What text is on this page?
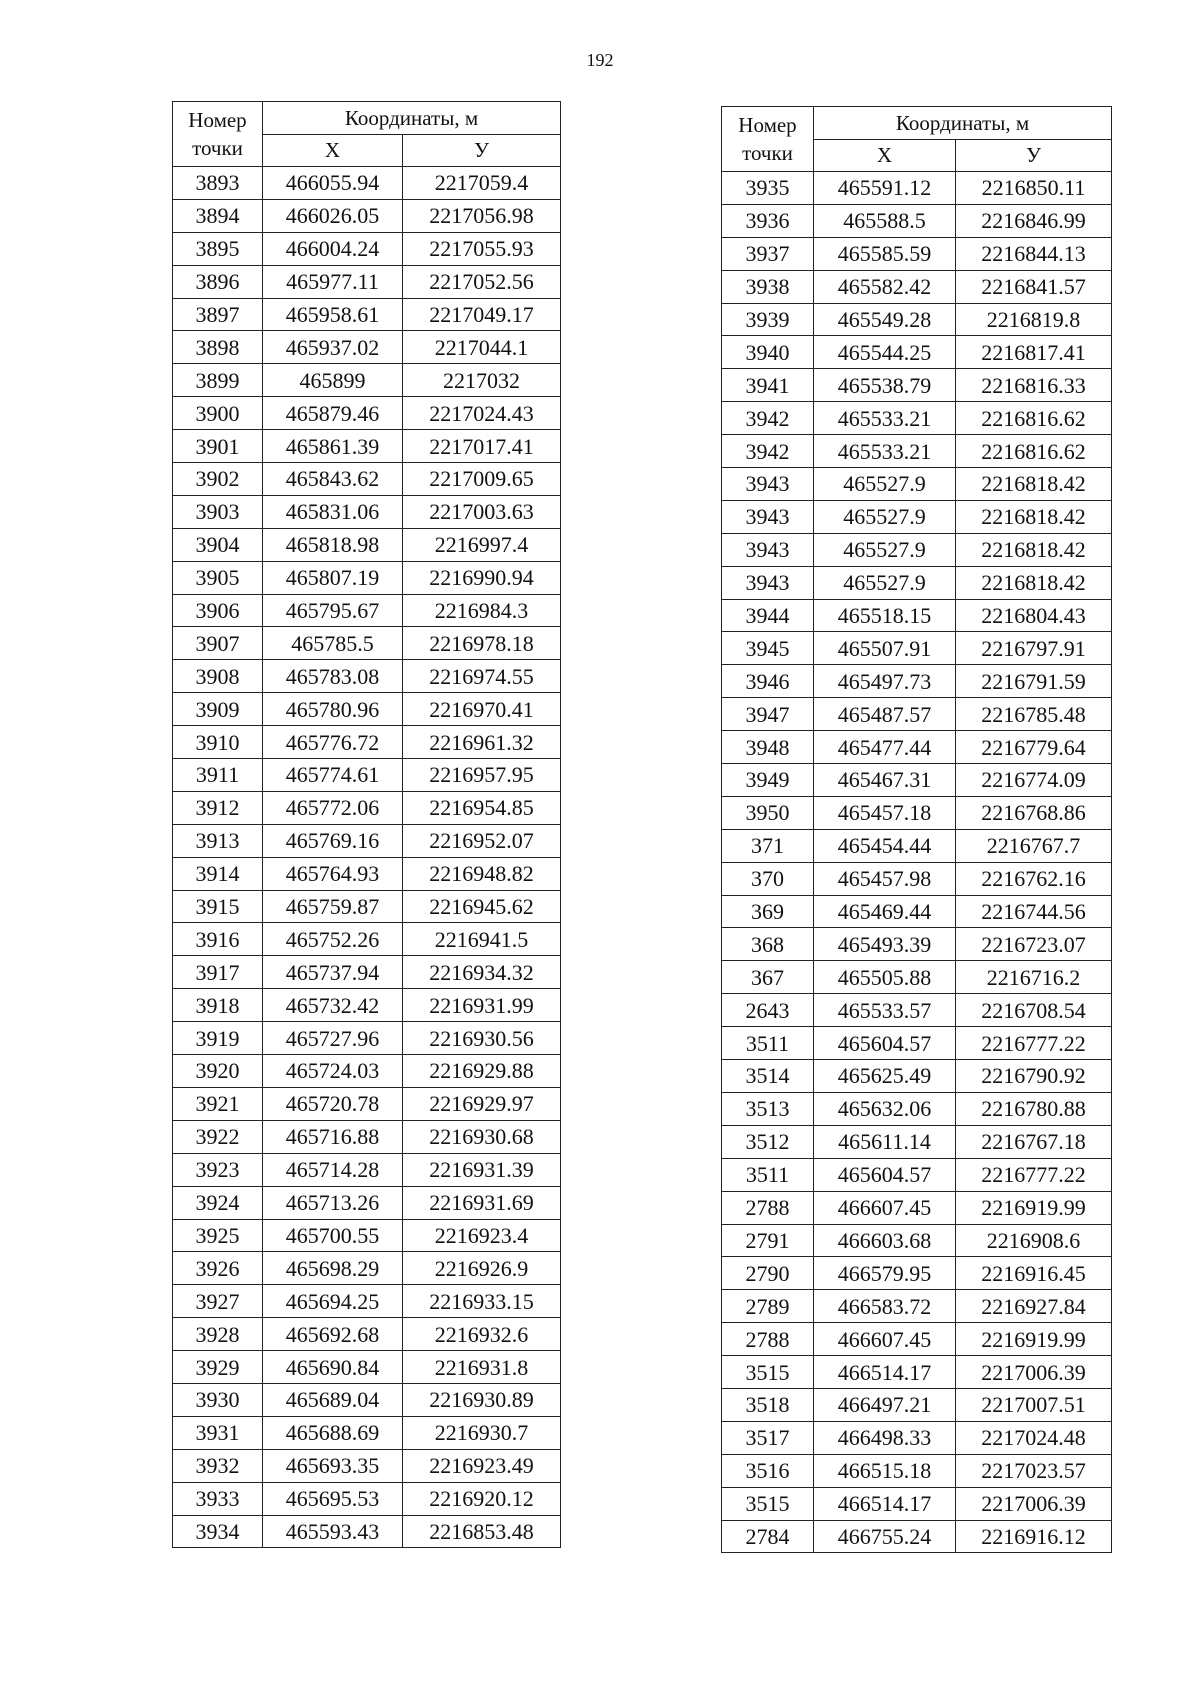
192
Номер
точки	Координаты, м	
	X	У
3893	466055.94	2217059.4
3894	466026.05	2217056.98
3895	466004.24	2217055.93
3896	465977.11	2217052.56
3897	465958.61	2217049.17
3898	465937.02	2217044.1
3899	465899	2217032
3900	465879.46	2217024.43
3901	465861.39	2217017.41
3902	465843.62	2217009.65
3903	465831.06	2217003.63
3904	465818.98	2216997.4
3905	465807.19	2216990.94
3906	465795.67	2216984.3
3907	465785.5	2216978.18
3908	465783.08	2216974.55
3909	465780.96	2216970.41
3910	465776.72	2216961.32
3911	465774.61	2216957.95
3912	465772.06	2216954.85
3913	465769.16	2216952.07
3914	465764.93	2216948.82
3915	465759.87	2216945.62
3916	465752.26	2216941.5
3917	465737.94	2216934.32
3918	465732.42	2216931.99
3919	465727.96	2216930.56
3920	465724.03	2216929.88
3921	465720.78	2216929.97
3922	465716.88	2216930.68
3923	465714.28	2216931.39
3924	465713.26	2216931.69
3925	465700.55	2216923.4
3926	465698.29	2216926.9
3927	465694.25	2216933.15
3928	465692.68	2216932.6
3929	465690.84	2216931.8
3930	465689.04	2216930.89
3931	465688.69	2216930.7
3932	465693.35	2216923.49
3933	465695.53	2216920.12
3934	465593.43	2216853.48
Номер
точки	Координаты, м	
	X	У
3935	465591.12	2216850.11
3936	465588.5	2216846.99
3937	465585.59	2216844.13
3938	465582.42	2216841.57
3939	465549.28	2216819.8
3940	465544.25	2216817.41
3941	465538.79	2216816.33
3942	465533.21	2216816.62
3942	465533.21	2216816.62
3943	465527.9	2216818.42
3943	465527.9	2216818.42
3943	465527.9	2216818.42
3943	465527.9	2216818.42
3944	465518.15	2216804.43
3945	465507.91	2216797.91
3946	465497.73	2216791.59
3947	465487.57	2216785.48
3948	465477.44	2216779.64
3949	465467.31	2216774.09
3950	465457.18	2216768.86
371	465454.44	2216767.7
370	465457.98	2216762.16
369	465469.44	2216744.56
368	465493.39	2216723.07
367	465505.88	2216716.2
2643	465533.57	2216708.54
3511	465604.57	2216777.22
3514	465625.49	2216790.92
3513	465632.06	2216780.88
3512	465611.14	2216767.18
3511	465604.57	2216777.22
2788	466607.45	2216919.99
2791	466603.68	2216908.6
2790	466579.95	2216916.45
2789	466583.72	2216927.84
2788	466607.45	2216919.99
3515	466514.17	2217006.39
3518	466497.21	2217007.51
3517	466498.33	2217024.48
3516	466515.18	2217023.57
3515	466514.17	2217006.39
2784	466755.24	2216916.12
